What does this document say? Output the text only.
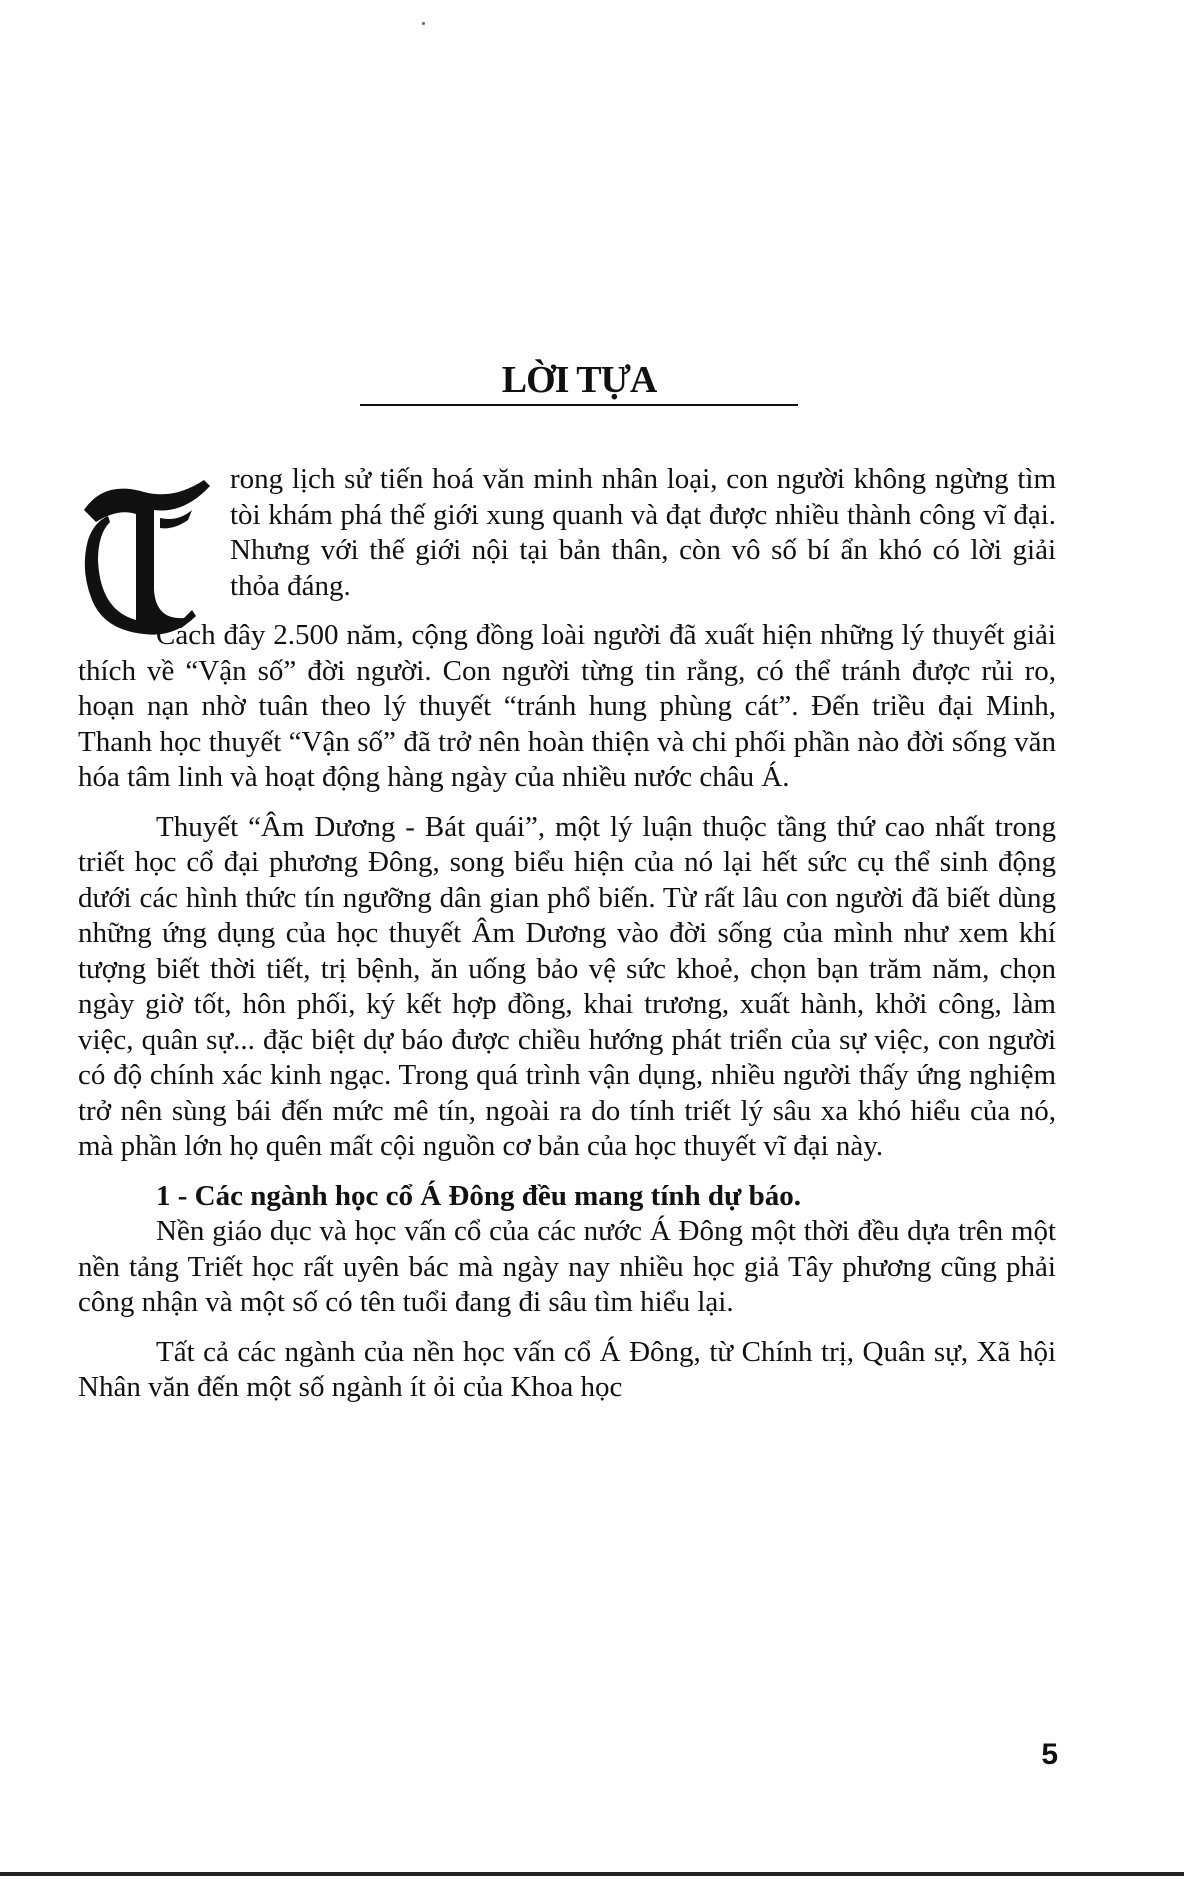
LỜI TỰA

rong lịch sử tiến hoá văn minh nhân loại, con người không ngừng tìm tòi khám phá thế giới xung quanh và đạt được nhiều thành công vĩ đại. Nhưng với thế giới nội tại bản thân, còn vô số bí ẩn khó có lời giải thỏa đáng.

Cách đây 2.500 năm, cộng đồng loài người đã xuất hiện những lý thuyết giải thích về “Vận số” đời người. Con người từng tin rằng, có thể tránh được rủi ro, hoạn nạn nhờ tuân theo lý thuyết “tránh hung phùng cát”. Đến triều đại Minh, Thanh học thuyết “Vận số” đã trở nên hoàn thiện và chi phối phần nào đời sống văn hóa tâm linh và hoạt động hàng ngày của nhiều nước châu Á.

Thuyết “Âm Dương - Bát quái”, một lý luận thuộc tầng thứ cao nhất trong triết học cổ đại phương Đông, song biểu hiện của nó lại hết sức cụ thể sinh động dưới các hình thức tín ngưỡng dân gian phổ biến. Từ rất lâu con người đã biết dùng những ứng dụng của học thuyết Âm Dương vào đời sống của mình như xem khí tượng biết thời tiết, trị bệnh, ăn uống bảo vệ sức khoẻ, chọn bạn trăm năm, chọn ngày giờ tốt, hôn phối, ký kết hợp đồng, khai trương, xuất hành, khởi công, làm việc, quân sự... đặc biệt dự báo được chiều hướng phát triển của sự việc, con người có độ chính xác kinh ngạc. Trong quá trình vận dụng, nhiều người thấy ứng nghiệm trở nên sùng bái đến mức mê tín, ngoài ra do tính triết lý sâu xa khó hiểu của nó, mà phần lớn họ quên mất cội nguồn cơ bản của học thuyết vĩ đại này.

1 - Các ngành học cổ Á Đông đều mang tính dự báo.

Nền giáo dục và học vấn cổ của các nước Á Đông một thời đều dựa trên một nền tảng Triết học rất uyên bác mà ngày nay nhiều học giả Tây phương cũng phải công nhận và một số có tên tuổi đang đi sâu tìm hiểu lại.

Tất cả các ngành của nền học vấn cổ Á Đông, từ Chính trị, Quân sự, Xã hội Nhân văn đến một số ngành ít ỏi của Khoa học

5
